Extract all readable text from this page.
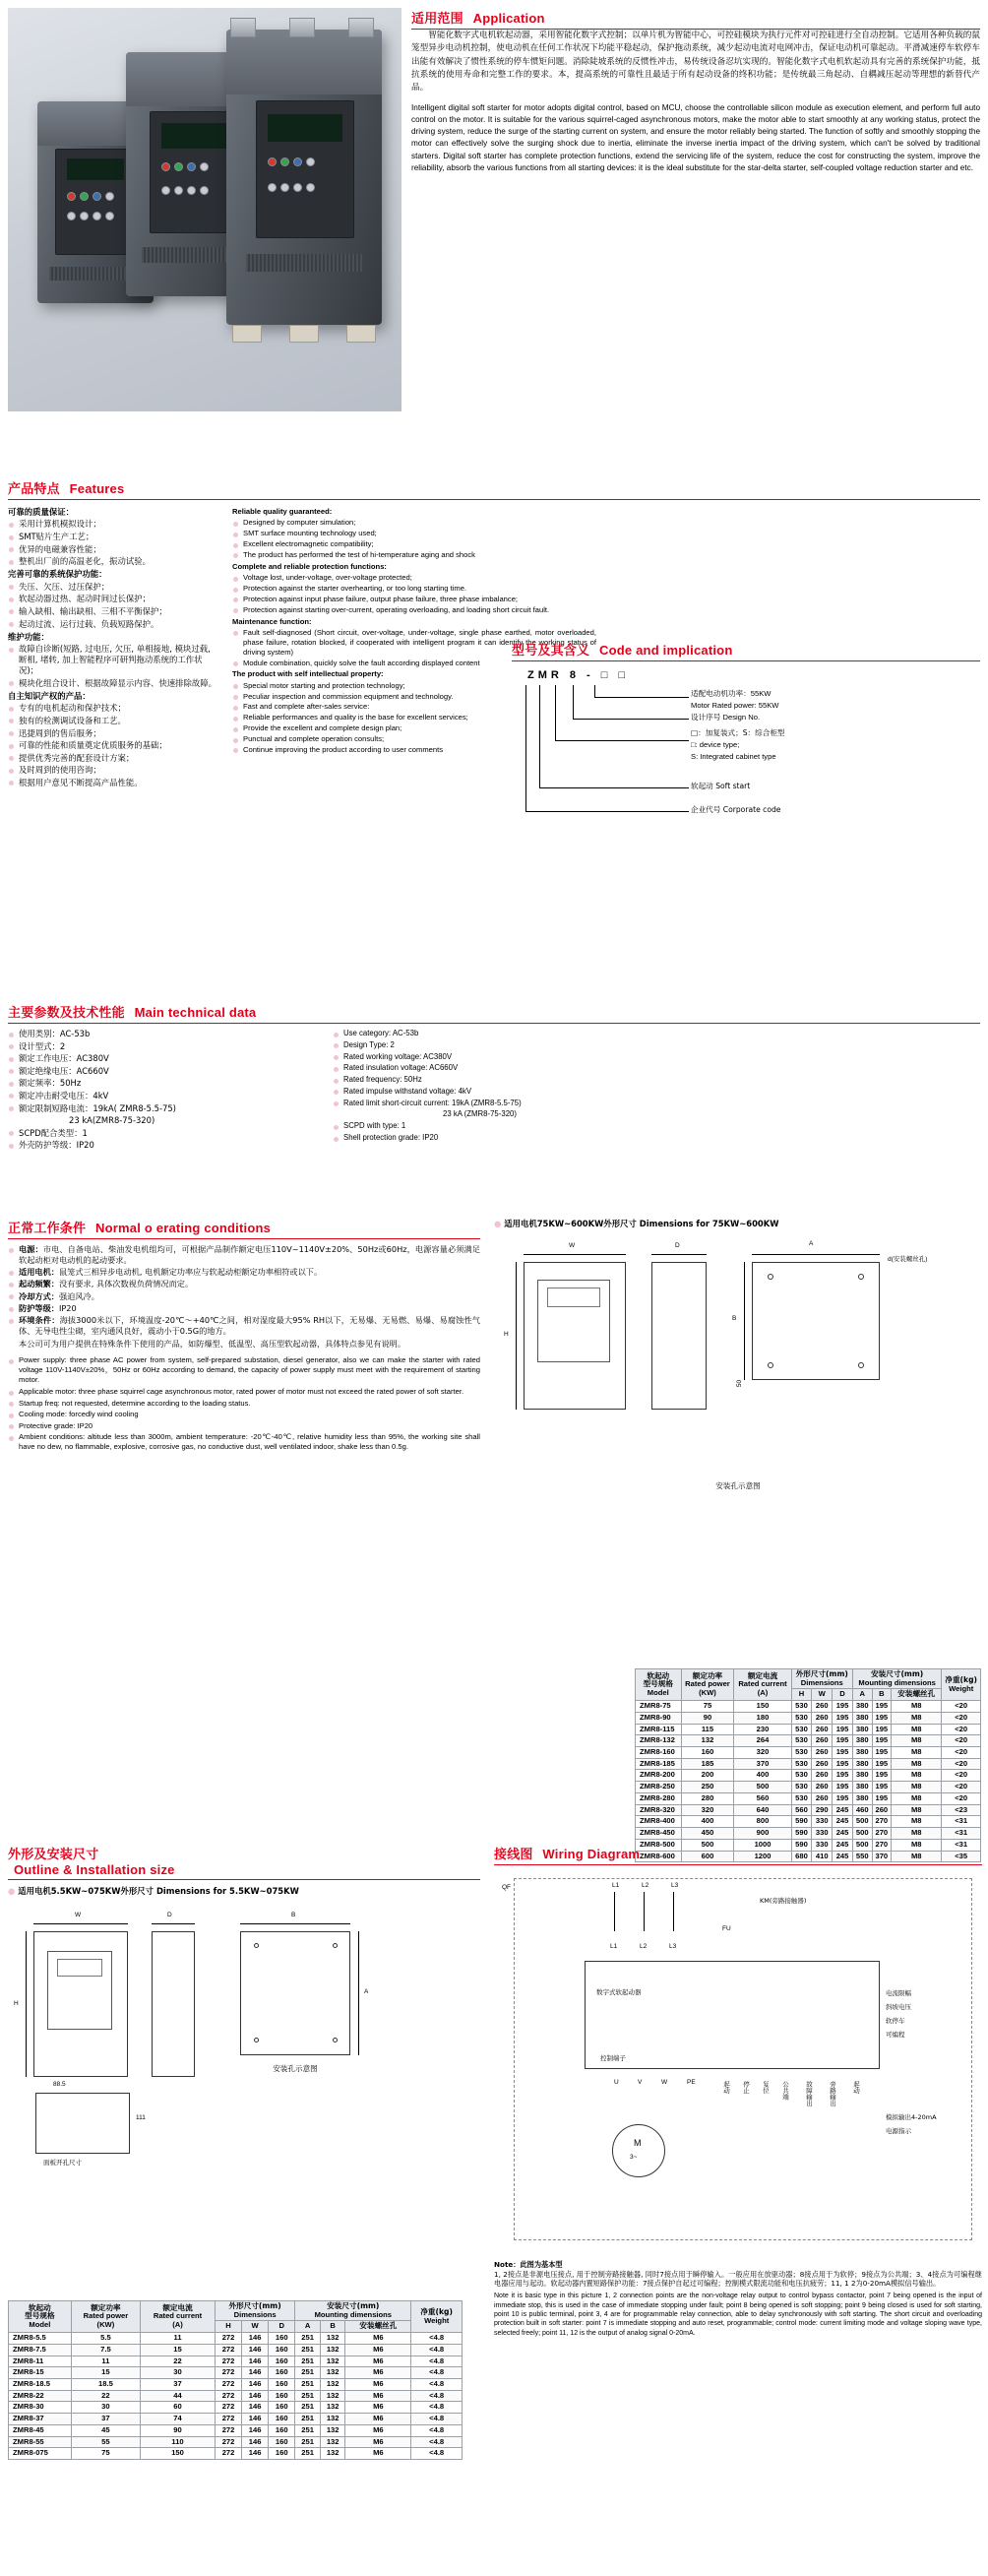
适用范围 Application

智能化数字式电机软起动器，采用智能化数字式控制；以单片机为智能中心，可控硅模块为执行元件对可控硅进行全自动控制。它适用各种负载的鼠笼型异步电动机控制，使电动机在任何工作状况下均能平稳起动，保护拖动系统，减少起动电流对电网冲击，保证电动机可靠起动。平滑减速停车软停车出能有效解决了惯性系统的停车惯矩问题。消除陡坡系统的反惯性冲击，易传统设备忍坑实现的。智能化数字式电机软起动具有完善的系统保护功能，抵抗系统的使用寿命和完整工作的要求。本，提高系统的可靠性且最适于所有起动设备的终积功能；是传统最三角起动、自耦减压起动等理想的新替代产品。

Intelligent digital soft starter for motor adopts digital control, based on MCU, choose the controllable silicon module as execution element, and perform full auto control on the motor. It is suitable for the various squirrel-caged asynchronous motors, make the motor able to start smoothly at any working status, protect the driving system, reduce the surge of the starting current on system, and ensure the motor reliably being started. The function of softly and smoothly stopping the motor can effectively solve the surging shock due to inertia, eliminate the inverse inertia impact of the driving system, which can't be solved by traditional starters. Digital soft starter has complete protection functions, extend the servicing life of the system, reduce the cost for constructing the system, improve the reliability, absorb the various functions from all starting devices: it is the ideal substitute for the star-delta starter, self-coupled voltage reduction starter and etc.

产品特点 Features
可靠的质量保证：
采用计算机模拟设计；
SMT贴片生产工艺；
优异的电磁兼容性能；
整机出厂前的高温老化，振动试验。
完善可靠的系统保护功能：
失压、欠压、过压保护；
软起动器过热、起动时间过长保护；
输入缺相、输出缺相、三相不平衡保护；
起动过流、运行过载、负载短路保护。
维护功能：
故障自诊断(短路, 过电压, 欠压, 单相接地, 模块过载, 断相, 堵转, 加上智能程序可研判拖动系统的工作状况)；
模块化组合设计、根据故障显示内容、快速排除故障。
自主知识产权的产品：
专有的电机起动和保护技术；
独有的检测调试设备和工艺。
迅捷周到的售后服务；
可靠的性能和质量奠定优质服务的基础；
提供优秀完善的配套设计方案；
及时周到的使用咨询；
根据用户意见不断提高产品性能。
Reliable quality guaranteed:
Designed by computer simulation;
SMT surface mounting technology used;
Excellent electromagnetic compatibility;
The product has performed the test of hi-temperature aging and shock
Complete and reliable protection functions:
Voltage lost, under-voltage, over-voltage protected;
Protection against the starter overhearting, or too long starting time.
Protection against input phase failure, output phase failure, three phase imbalance;
Protection against starting over-current, operating overloading, and loading short circuit fault.
Maintenance function:
Fault self-diagnosed (Short circuit, over-voltage, under-voltage, single phase earthed, motor overloaded, phase failure, rotation blocked, if cooperated with intelligent program it can identify the working status of driving system)
Module combination, quickly solve the fault according displayed content
The product with self intellectual property:
Special motor starting and protection technology;
Peculiar inspection and commission equipment and technology.
Fast and complete after-sales service:
Reliable performances and quality is the base for excellent services;
Provide the excellent and complete design plan;
Punctual and complete operation consults;
Continue improving the product according to user comments
型号及其含义 Code and implication
ZMR 8 - □ □
适配电动机功率：55KW
Motor Rated power: 55KW
设计序号 Design No.
□：加复装式；S：综合柜型
□: device type;
S: Integrated cabinet type
软起动 Soft start
企业代号 Corporate code
主要参数及技术性能 Main technical data
使用类别：AC-53b
设计型式：2
额定工作电压：AC380V
额定绝缘电压：AC660V
额定频率：50Hz
额定冲击耐受电压：4kV
额定限制短路电流：19kA( ZMR8-5.5-75)
23 kA(ZMR8-75-320)
SCPD配合类型：1
外壳防护等级：IP20
Use category: AC-53b
Design Type: 2
Rated working voltage: AC380V
Rated insulation voltage: AC660V
Rated frequency: 50Hz
Rated impulse withstand voltage: 4kV
Rated limit short-circuit current: 19kA (ZMR8-5.5-75)
23 kA (ZMR8-75-320)
SCPD with type: 1
Shell protection grade: IP20
正常工作条件 Normal o erating conditions
电源：市电、自备电站、柴油发电机组均可，可根据产品制作额定电压110V~1140V±20%、50Hz或60Hz，电源容量必须满足软起动柜对电动机的起动要求。
适用电机：鼠笼式三相异步电动机, 电机额定功率应与软起动柜额定功率相符或以下。
起动频繁：没有要求, 具体次数视负荷情况而定。
冷却方式：强迫风冷。
防护等级：IP20
环境条件：海拔3000米以下，环境温度-20℃～+40℃之间，相对湿度最大95% RH以下，无易爆、无易燃、易爆、易腐蚀性气体、无导电性尘砌，室内通风良好，震动小于0.5G的地方。
本公司可为用户提供在特殊条件下使用的产品，如防爆型、低温型、高压型软起动器，具体特点参见有说明。
Power supply: three phase AC power from system, self-prepared substation, diesel generator, also we can make the starter with rated voltage 110V-1140V±20%，50Hz or 60Hz according to demand, the capacity of power supply must meet with the requirement of starting motor.
Applicable motor: three phase squirrel cage asynchronous motor, rated power of motor must not exceed the rated power of soft starter.
Startup freq: not requested, determine according to the loading status.
Cooling mode: forcedly wind cooling
Protective grade: IP20
Ambient conditions: altitude less than 3000m, ambient temperature: -20℃-40℃, relative humidity less than 95%, the working site shall have no dew, no flammable, explosive, corrosive gas, no conductive dust, well ventilated indoor, shake less than 0.5g.
● 适用电机75KW~600KW外形尺寸 Dimensions for 75KW~600KW
W
H
D	A
B
d(安装螺丝孔)
50
安装孔示意图
软起动
型号规格
Model

额定功率
Rated power
(KW)

额定电流
Rated current
(A)

外形尺寸(mm)
Dimensions

安装尺寸(mm)
Mounting dimensions	净重(kg)
Weight

			H	W	D	A	B	安装螺丝孔	
ZMR8-75	75	150	530	260	195	380	195	M8	<20
ZMR8-90	90	180	530	260	195	380	195	M8	<20
ZMR8-115	115	230	530	260	195	380	195	M8	<20
ZMR8-132	132	264	530	260	195	380	195	M8	<20
ZMR8-160	160	320	530	260	195	380	195	M8	<20
ZMR8-185	185	370	530	260	195	380	195	M8	<20
ZMR8-200	200	400	530	260	195	380	195	M8	<20
ZMR8-250	250	500	530	260	195	380	195	M8	<20
ZMR8-280	280	560	530	260	195	380	195	M8	<20
ZMR8-320	320	640	560	290	245	460	260	M8	<23
ZMR8-400	400	800	590	330	245	500	270	M8	<31
ZMR8-450	450	900	590	330	245	500	270	M8	<31
ZMR8-500	500	1000	590	330	245	500	270	M8	<31
ZMR8-600	600	1200	680	410	245	550	370	M8	<35
外形及安装尺寸
Outline & Installation size
● 适用电机5.5KW~075KW外形尺寸 Dimensions for 5.5KW~075KW
W
H
D	B
A
88.5
111
面板开孔尺寸
安装孔示意图
软起动
型号规格
Model

额定功率
Rated power
(KW)

额定电流
Rated current
(A)

外形尺寸(mm)
Dimensions

安装尺寸(mm)
Mounting dimensions	净重(kg)
Weight

			H	W	D	A	B	安装螺丝孔	
ZMR8-5.5	5.5	11	272	146	160	251	132	M6	<4.8
ZMR8-7.5	7.5	15	272	146	160	251	132	M6	<4.8
ZMR8-11	11	22	272	146	160	251	132	M6	<4.8
ZMR8-15	15	30	272	146	160	251	132	M6	<4.8
ZMR8-18.5	18.5	37	272	146	160	251	132	M6	<4.8
ZMR8-22	22	44	272	146	160	251	132	M6	<4.8
ZMR8-30	30	60	272	146	160	251	132	M6	<4.8
ZMR8-37	37	74	272	146	160	251	132	M6	<4.8
ZMR8-45	45	90	272	146	160	251	132	M6	<4.8
ZMR8-55	55	110	272	146	160	251	132	M6	<4.8
ZMR8-075	75	150	272	146	160	251	132	M6	<4.8
接线图 Wiring Diagram
QF	L1	L2	L3
KM(旁路接触器)
FU
L1	L2	L3
数字式软起动器
控制端子
U	V	W	PE
M
3~
起动 停止 复位 公共端 故障输出 旁路输出 起动
电流限幅
斜坡电压
软停车
可编程
模拟输出4-20mA
电源指示
Note：此图为基本型
1, 2接点是非源电压接点, 用于控制旁路接触器, 同时7接点用于瞬停输入。一般应用在放驱动器；8接点用于为软停；9接点为公共端；3、4接点为可编程继电器应用与起动。软起动器内置短路保护功能：7接点保护自起过可编程；控制模式限流功能和电压抗疲劳；11, 1 2为0-20mA模拟信号输出。
Note it is basic type in this picture 1, 2 connection points are the non-voltage relay output to control bypass contactor, point 7 being opened is the input of immediate stop, this is used in the case of immediate stopping under fault; point 8 being opened is soft stopping; point 9 being closed is used for soft starting, point 10 is public terminal, point 3, 4 are for programmable relay connection, able to delay synchronously with soft starting. The short circuit and overloading protection built in soft starter: point 7 is immediate stopping and auto reset, programmable; control mode: current limiting mode and voltage sloping wave type, selected freely; point 11, 12 is the output of analog signal 0-20mA.
